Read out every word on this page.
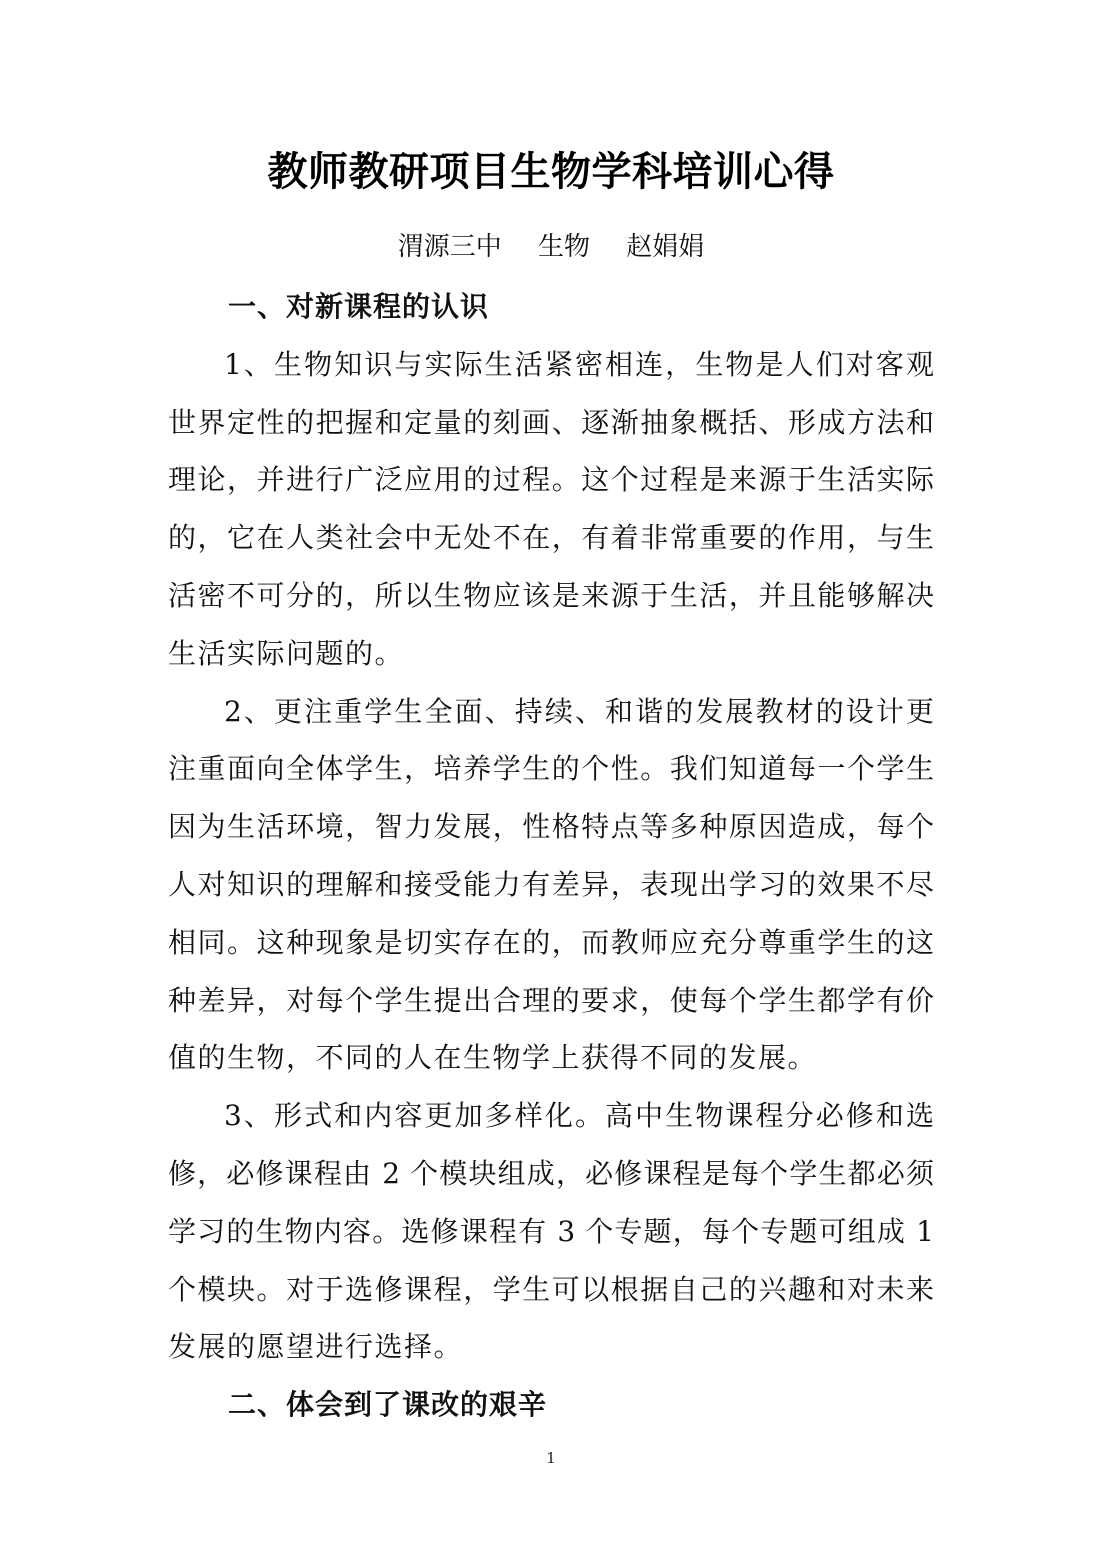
教师教研项目生物学科培训心得
渭源三中 生物 赵娟娟
一、对新课程的认识
1、生物知识与实际生活紧密相连，生物是人们对客观
世界定性的把握和定量的刻画、逐渐抽象概括、形成方法和
理论，并进行广泛应用的过程。这个过程是来源于生活实际
的，它在人类社会中无处不在，有着非常重要的作用，与生
活密不可分的，所以生物应该是来源于生活，并且能够解决
生活实际问题的。
2、更注重学生全面、持续、和谐的发展教材的设计更
注重面向全体学生，培养学生的个性。我们知道每一个学生
因为生活环境，智力发展，性格特点等多种原因造成，每个
人对知识的理解和接受能力有差异，表现出学习的效果不尽
相同。这种现象是切实存在的，而教师应充分尊重学生的这
种差异，对每个学生提出合理的要求，使每个学生都学有价
值的生物，不同的人在生物学上获得不同的发展。
3、形式和内容更加多样化。高中生物课程分必修和选
修，必修课程由 2 个模块组成，必修课程是每个学生都必须
学习的生物内容。选修课程有 3 个专题，每个专题可组成 1
个模块。对于选修课程，学生可以根据自己的兴趣和对未来
发展的愿望进行选择。
二、体会到了课改的艰辛
1
